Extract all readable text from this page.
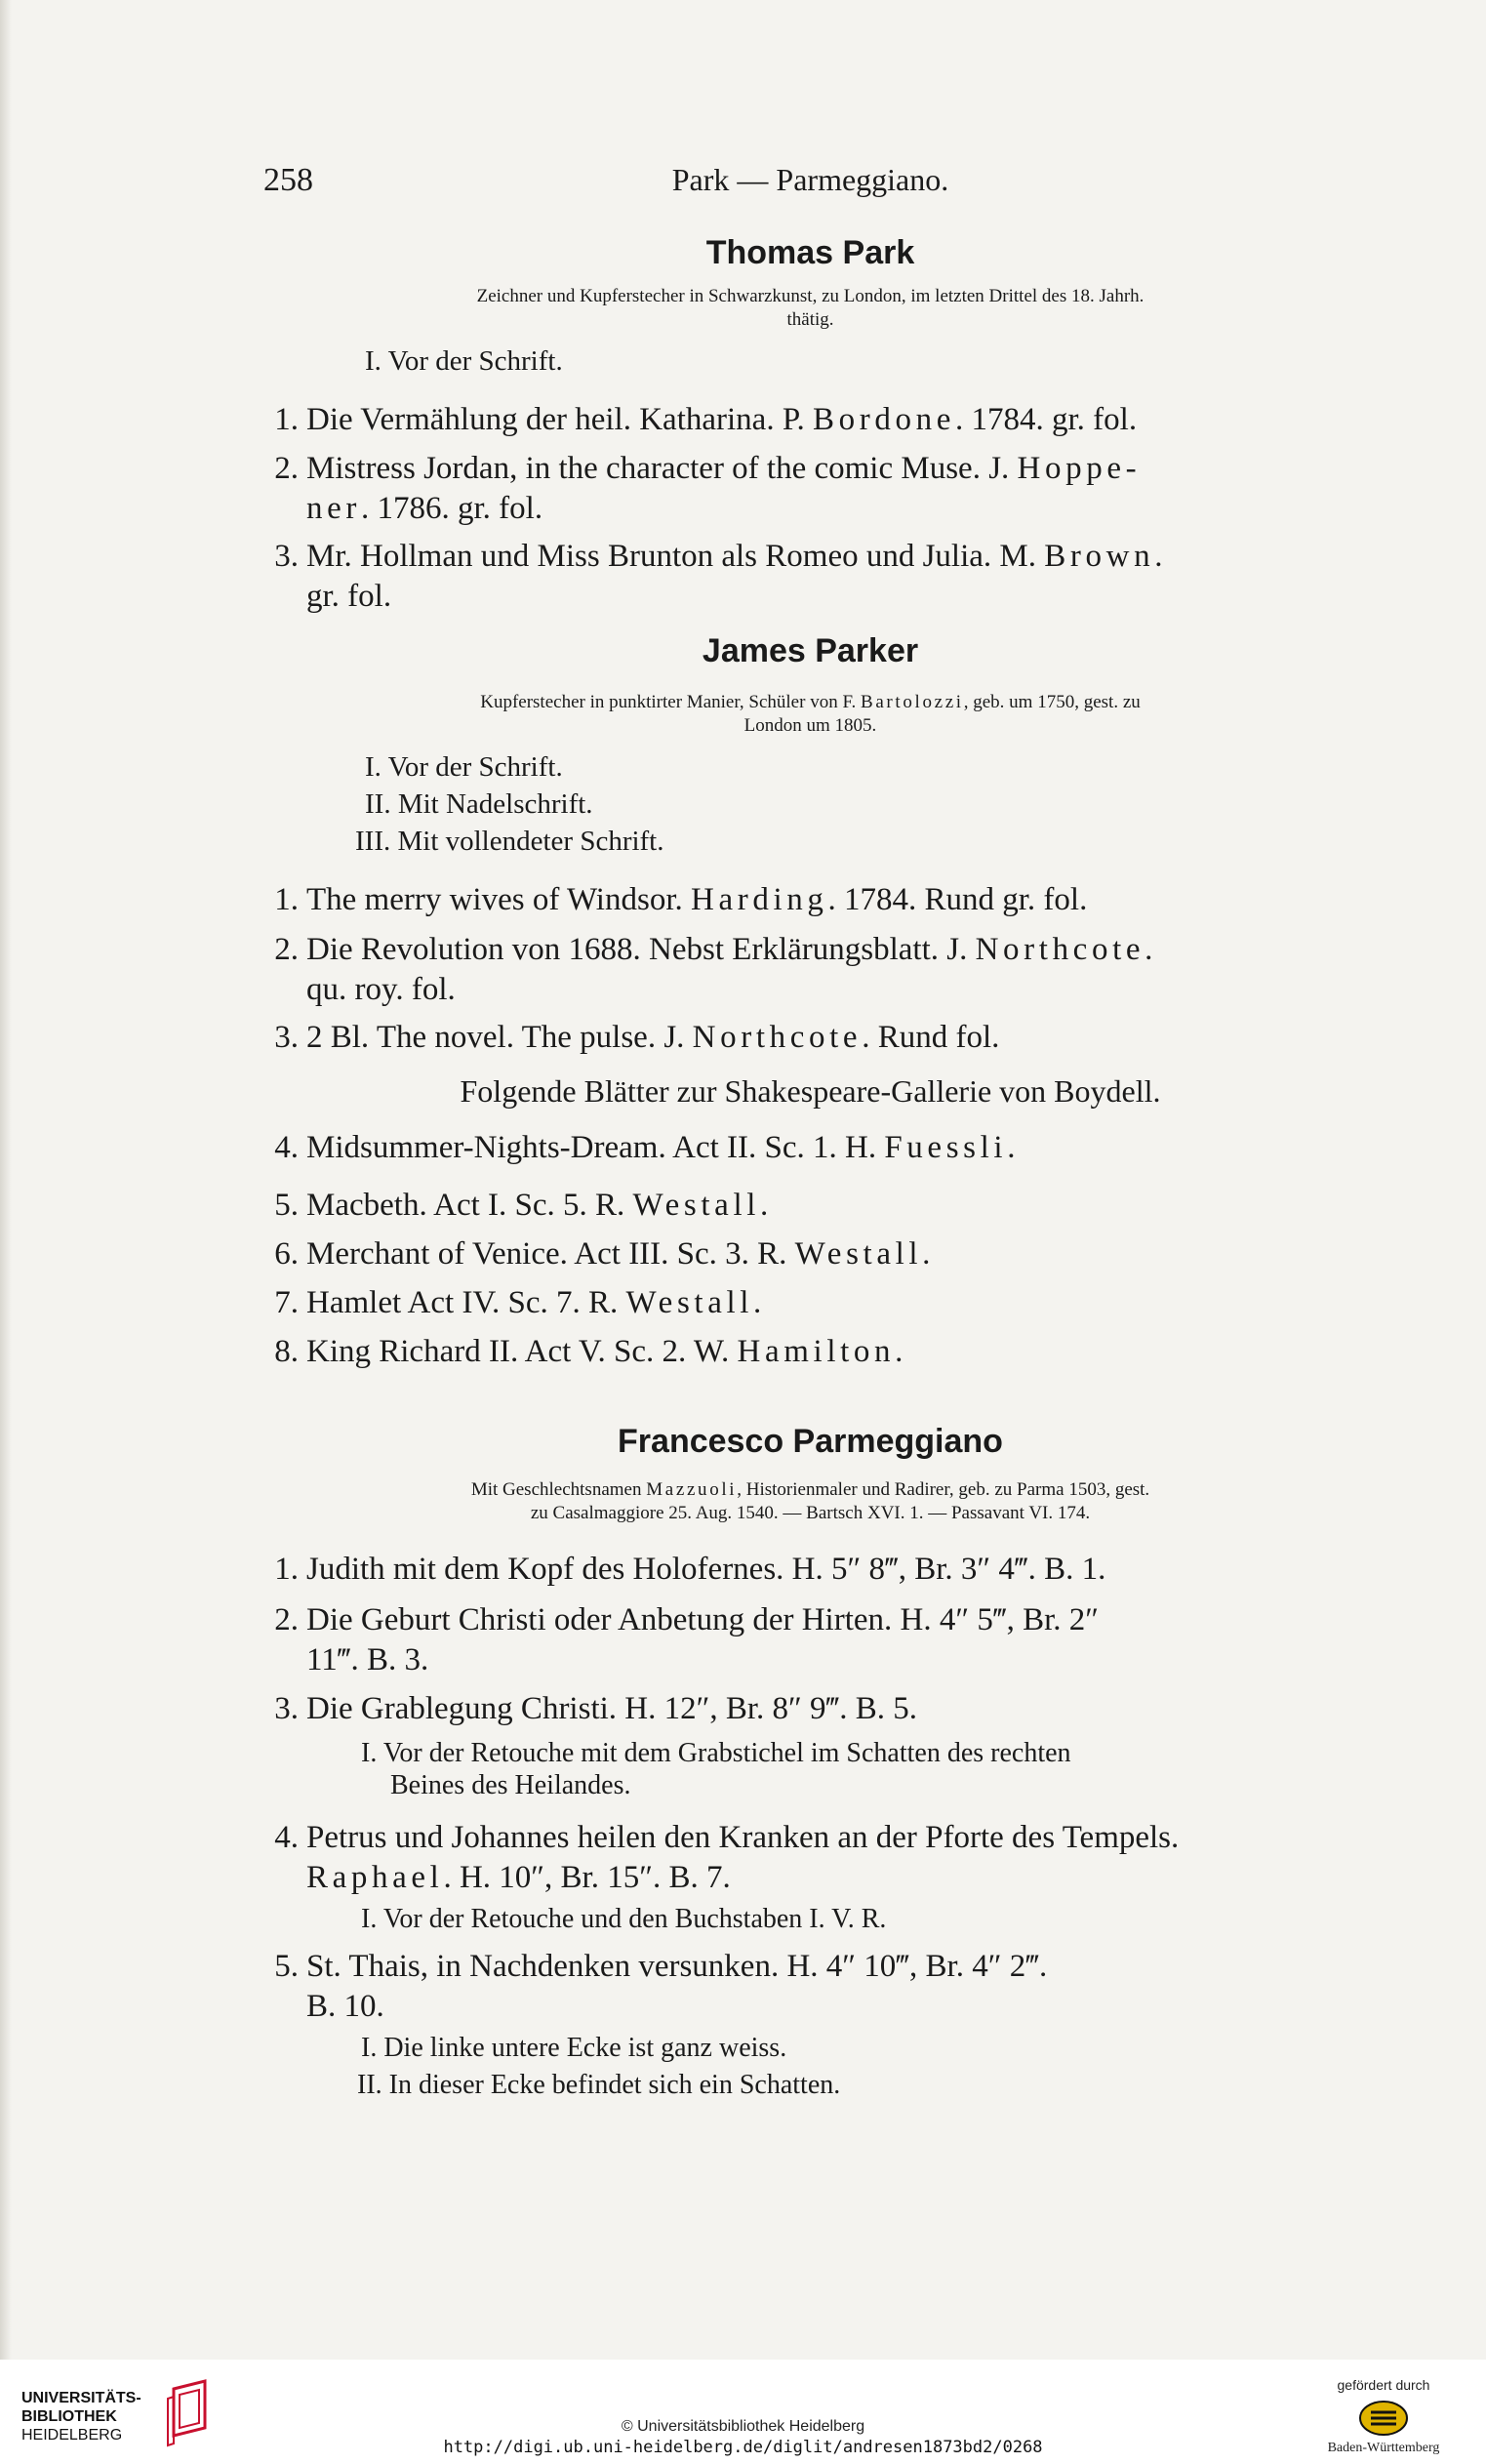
258	Park — Parmeggiano.
Thomas Park
Zeichner und Kupferstecher in Schwarzkunst, zu London, im letzten Drittel des 18. Jahrh.
thätig.
I. Vor der Schrift.
1. Die Vermählung der heil. Katharina. P. Bordone. 1784. gr. fol.
2. Mistress Jordan, in the character of the comic Muse. J. Hoppe-
ner. 1786. gr. fol.
3. Mr. Hollman und Miss Brunton als Romeo und Julia. M. Brown.
gr. fol.
James Parker
Kupferstecher in punktirter Manier, Schüler von F. Bartolozzi, geb. um 1750, gest. zu
London um 1805.
I. Vor der Schrift.
II. Mit Nadelschrift.
III. Mit vollendeter Schrift.
1. The merry wives of Windsor. Harding. 1784. Rund gr. fol.
2. Die Revolution von 1688. Nebst Erklärungsblatt. J. Northcote.
qu. roy. fol.
3. 2 Bl. The novel. The pulse. J. Northcote. Rund fol.
Folgende Blätter zur Shakespeare-Gallerie von Boydell.
4. Midsummer-Nights-Dream. Act II. Sc. 1. H. Fuessli.
5. Macbeth. Act I. Sc. 5. R. Westall.
6. Merchant of Venice. Act III. Sc. 3. R. Westall.
7. Hamlet Act IV. Sc. 7. R. Westall.
8. King Richard II. Act V. Sc. 2. W. Hamilton.
Francesco Parmeggiano
Mit Geschlechtsnamen Mazzuoli, Historienmaler und Radirer, geb. zu Parma 1503, gest.
zu Casalmaggiore 25. Aug. 1540. — Bartsch XVI. 1. — Passavant VI. 174.
1. Judith mit dem Kopf des Holofernes. H. 5″ 8‴, Br. 3″ 4‴. B. 1.
2. Die Geburt Christi oder Anbetung der Hirten. H. 4″ 5‴, Br. 2″
11‴. B. 3.
3. Die Grablegung Christi. H. 12″, Br. 8″ 9‴. B. 5.
I. Vor der Retouche mit dem Grabstichel im Schatten des rechten
Beines des Heilandes.
4. Petrus und Johannes heilen den Kranken an der Pforte des Tempels.
Raphael. H. 10″, Br. 15″. B. 7.
I. Vor der Retouche und den Buchstaben I. V. R.
5. St. Thais, in Nachdenken versunken. H. 4″ 10‴, Br. 4″ 2‴.
B. 10.
I. Die linke untere Ecke ist ganz weiss.
II. In dieser Ecke befindet sich ein Schatten.
UNIVERSITÄTS-
BIBLIOTHEK
HEIDELBERG
© Universitätsbibliothek Heidelberg
http://digi.ub.uni-heidelberg.de/diglit/andresen1873bd2/0268
gefördert durch
Baden-Württemberg
